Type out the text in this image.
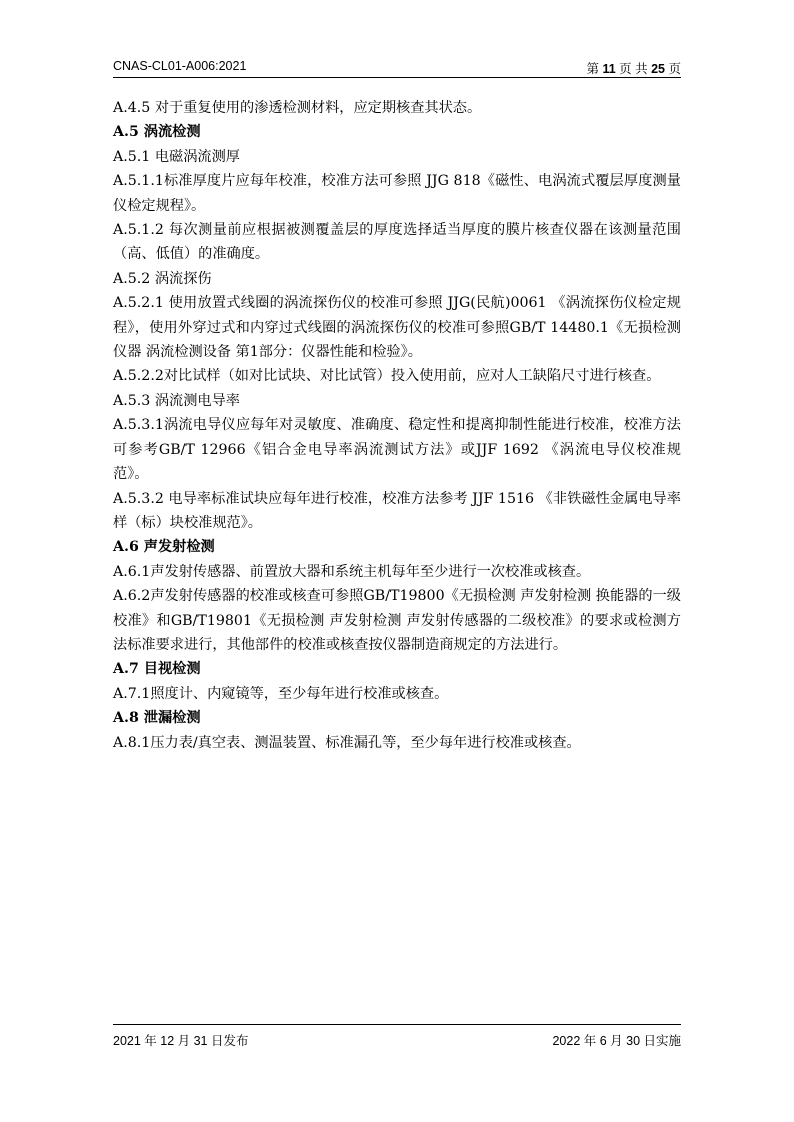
CNAS-CL01-A006:2021	第 11 页 共 25 页

A.4.5 对于重复使用的渗透检测材料，应定期核查其状态。

A.5 涡流检测

A.5.1 电磁涡流测厚

A.5.1.1标准厚度片应每年校准，校准方法可参照 JJG 818《磁性、电涡流式覆层厚度测量仪检定规程》。

A.5.1.2 每次测量前应根据被测覆盖层的厚度选择适当厚度的膜片核查仪器在该测量范围（高、低值）的准确度。

A.5.2 涡流探伤

A.5.2.1 使用放置式线圈的涡流探伤仪的校准可参照 JJG(民航)0061 《涡流探伤仪检定规程》，使用外穿过式和内穿过式线圈的涡流探伤仪的校准可参照GB/T 14480.1《无损检测仪器 涡流检测设备 第1部分：仪器性能和检验》。

A.5.2.2对比试样（如对比试块、对比试管）投入使用前，应对人工缺陷尺寸进行核查。

A.5.3 涡流测电导率

A.5.3.1涡流电导仪应每年对灵敏度、准确度、稳定性和提离抑制性能进行校准，校准方法可参考GB/T 12966《铝合金电导率涡流测试方法》或JJF 1692 《涡流电导仪校准规范》。

A.5.3.2 电导率标准试块应每年进行校准，校准方法参考 JJF 1516 《非铁磁性金属电导率样（标）块校准规范》。

A.6 声发射检测

A.6.1声发射传感器、前置放大器和系统主机每年至少进行一次校准或核查。

A.6.2声发射传感器的校准或核查可参照GB/T19800《无损检测 声发射检测 换能器的一级校准》和GB/T19801《无损检测 声发射检测 声发射传感器的二级校准》的要求或检测方法标准要求进行，其他部件的校准或核查按仪器制造商规定的方法进行。

A.7 目视检测

A.7.1照度计、内窥镜等，至少每年进行校准或核查。

A.8 泄漏检测

A.8.1压力表/真空表、测温装置、标准漏孔等，至少每年进行校准或核查。

2021 年 12 月 31 日发布	2022 年 6 月 30 日实施
